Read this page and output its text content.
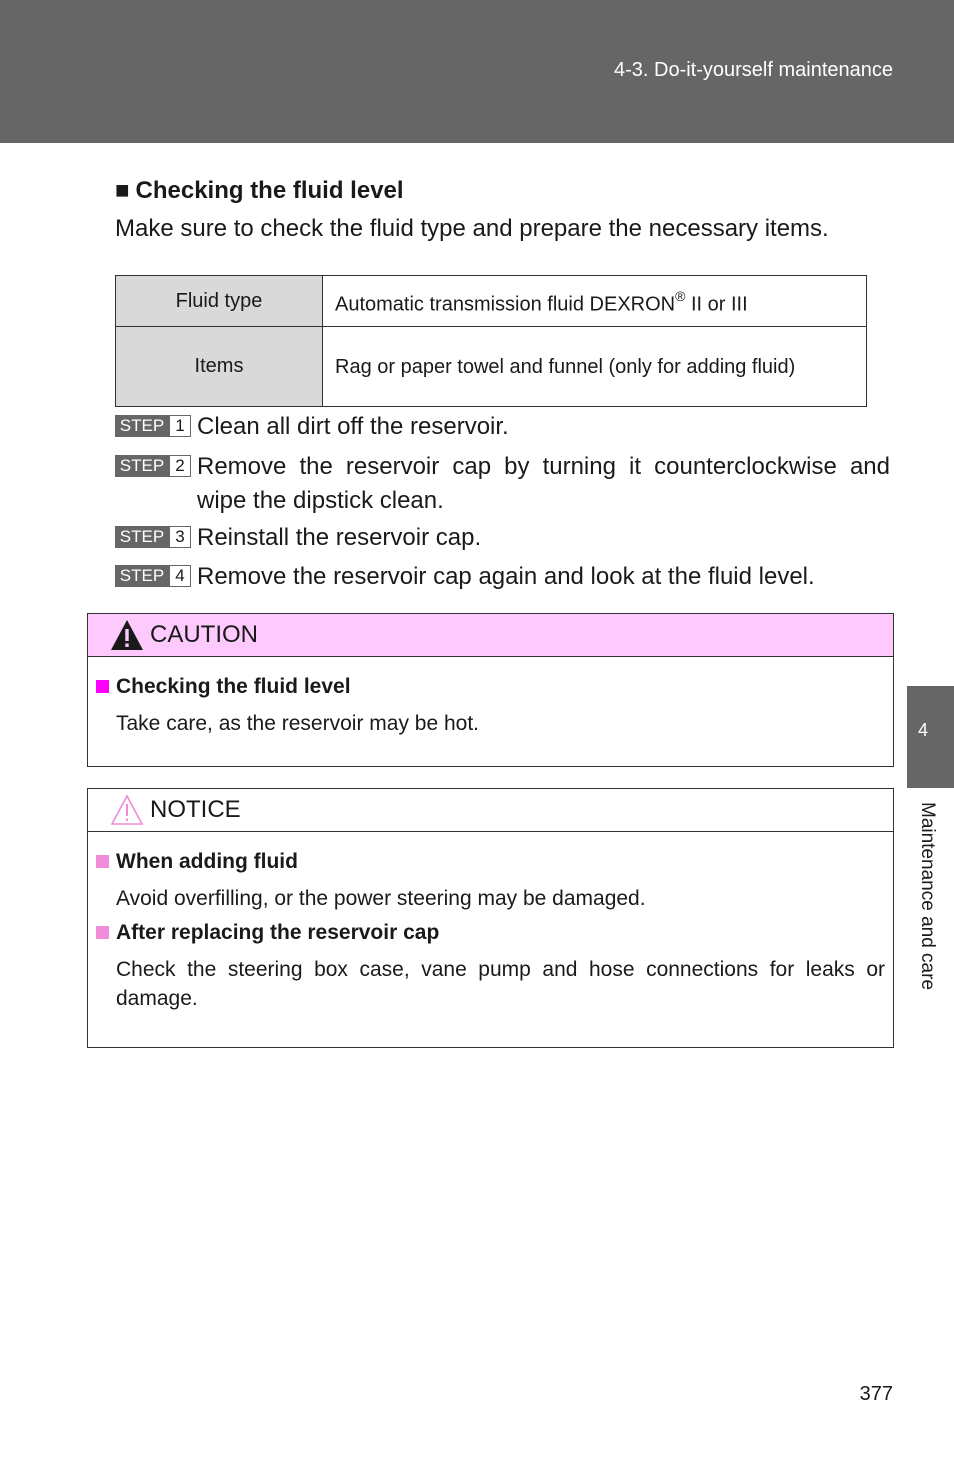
4-3. Do-it-yourself maintenance
4
Maintenance and care
■ Checking the fluid level
Make sure to check the fluid type and prepare the necessary items.
Fluid type	Automatic transmission fluid DEXRON® II or III
Items	Rag or paper towel and funnel (only for adding fluid)
STEP 1 Clean all dirt off the reservoir.
STEP 2 Remove the reservoir cap by turning it counterclockwise and wipe the dipstick clean.
STEP 3 Reinstall the reservoir cap.
STEP 4 Remove the reservoir cap again and look at the fluid level.
CAUTION
Checking the fluid level
Take care, as the reservoir may be hot.
NOTICE
When adding fluid
Avoid overfilling, or the power steering may be damaged.
After replacing the reservoir cap
Check the steering box case, vane pump and hose connections for leaks or damage.
377
